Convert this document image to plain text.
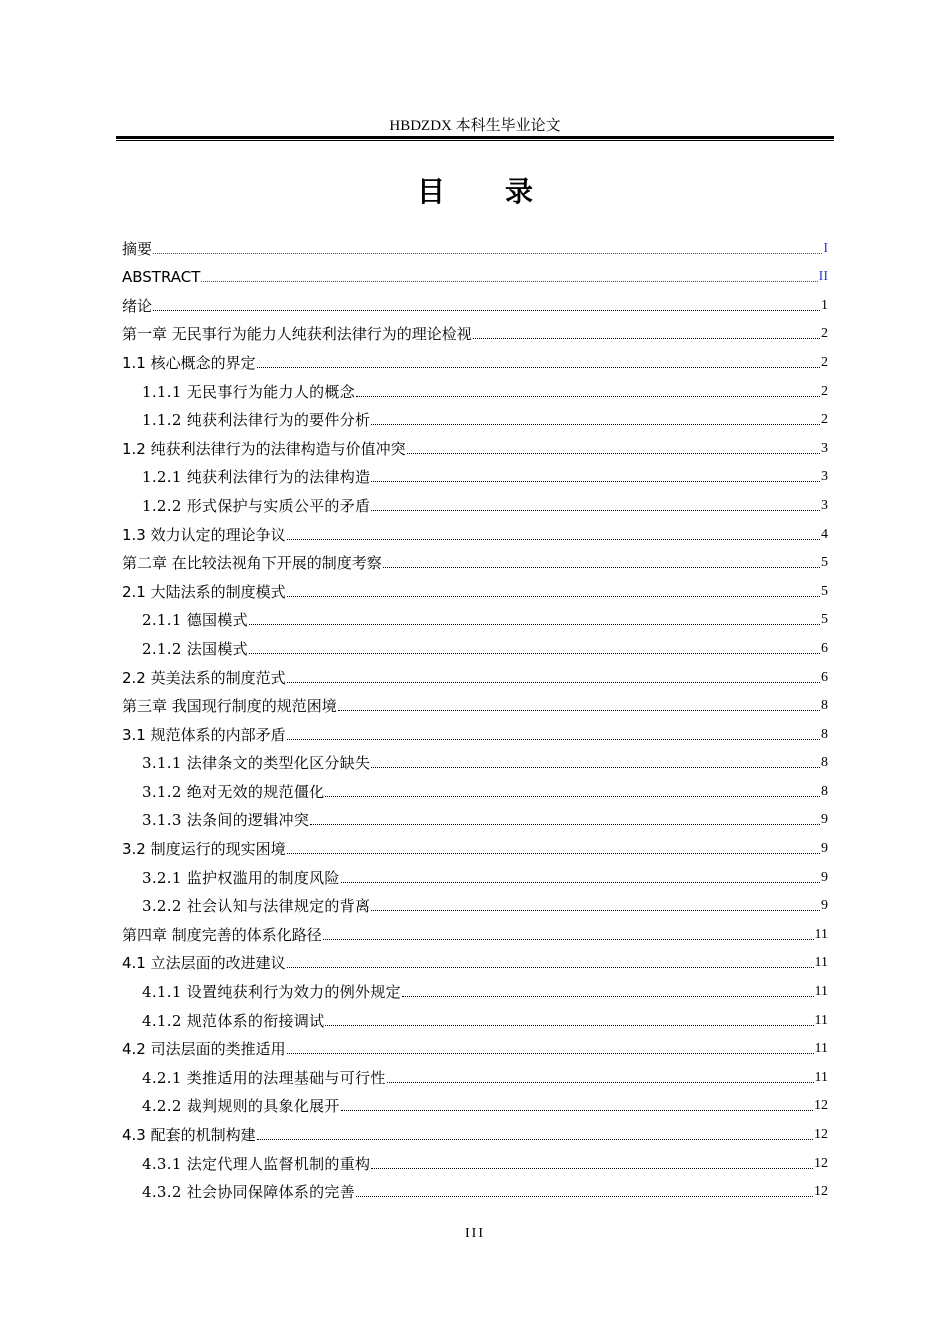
HBDZDX 本科生毕业论文
目 录
摘要	I
ABSTRACT	II
绪论	1
第一章 无民事行为能力人纯获利法律行为的理论检视	2
1.1 核心概念的界定	2
1.1.1 无民事行为能力人的概念	2
1.1.2 纯获利法律行为的要件分析	2
1.2 纯获利法律行为的法律构造与价值冲突	3
1.2.1 纯获利法律行为的法律构造	3
1.2.2 形式保护与实质公平的矛盾	3
1.3 效力认定的理论争议	4
第二章 在比较法视角下开展的制度考察	5
2.1 大陆法系的制度模式	5
2.1.1 德国模式	5
2.1.2 法国模式	6
2.2 英美法系的制度范式	6
第三章 我国现行制度的规范困境	8
3.1 规范体系的内部矛盾	8
3.1.1 法律条文的类型化区分缺失	8
3.1.2 绝对无效的规范僵化	8
3.1.3 法条间的逻辑冲突	9
3.2 制度运行的现实困境	9
3.2.1 监护权滥用的制度风险	9
3.2.2 社会认知与法律规定的背离	9
第四章 制度完善的体系化路径	11
4.1 立法层面的改进建议	11
4.1.1 设置纯获利行为效力的例外规定	11
4.1.2 规范体系的衔接调试	11
4.2 司法层面的类推适用	11
4.2.1 类推适用的法理基础与可行性	11
4.2.2 裁判规则的具象化展开	12
4.3 配套的机制构建	12
4.3.1 法定代理人监督机制的重构	12
4.3.2 社会协同保障体系的完善	12
III
